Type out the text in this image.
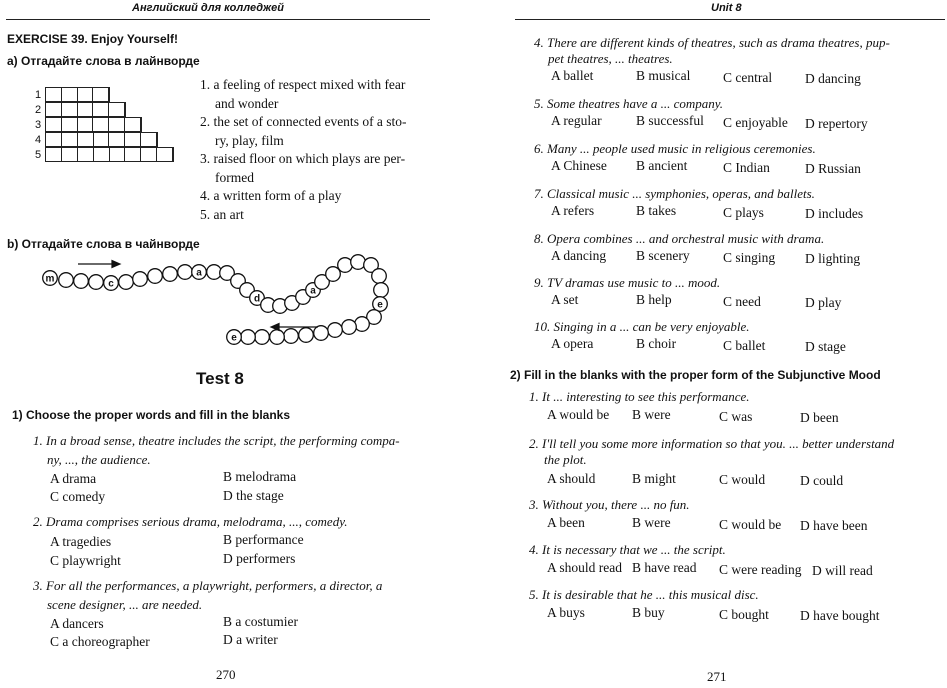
Английский для колледжей
EXERCISE 39. Enjoy Yourself!
a) Отгадайте слова в лайнворде
1
2
3
4
5
1. a feeling of respect mixed with fear
and wonder
2. the set of connected events of a sto-
ry, play, film
3. raised floor on which plays are per-
formed
4. a written form of a play
5. an art
b) Отгадайте слова в чайнворде
m	c
a
d
a
e
e
Test 8
1) Choose the proper words and fill in the blanks
1. In a broad sense, theatre includes the script, the performing compa-
ny, ..., the audience.
A drama	B melodrama
C comedy	D the stage
2. Drama comprises serious drama, melodrama, ..., comedy.
A tragedies	B performance
C playwright	D performers
3. For all the performances, a playwright, performers, a director, a
scene designer, ... are needed.
A dancers	B a costumier
C a choreographer	D a writer
270
Unit 8
4. There are different kinds of theatres, such as drama theatres, pup-
pet theatres, ... theatres.
A ballet	B musical C central D dancing
5. Some theatres have a ... company.
A regular	B successful C enjoyable D repertory
6. Many ... people used music in religious ceremonies.
A Chinese B ancient	C Indian	D Russian
7. Classical music ... symphonies, operas, and ballets.
A refers	B takes	C plays	D includes
8. Opera combines ... and orchestral music with drama.
A dancing B scenery C singing D lighting
9. TV dramas use music to ... mood.
A set	B help	C need	D play
10. Singing in a ... can be very enjoyable.
A opera	B choir	C ballet	D stage
2) Fill in the blanks with the proper form of the Subjunctive Mood
1. It ... interesting to see this performance.
A would be B were	C was	D been
2. I'll tell you some more information so that you. ... better understand
the plot.
A should	B might	C would	D could
3. Without you, there ... no fun.
A been	B were	C would be D have been
4. It is necessary that we ... the script.
A should read B have read C were reading D will read
5. It is desirable that he ... this musical disc.
A buys	B buy	C bought D have bought
271
